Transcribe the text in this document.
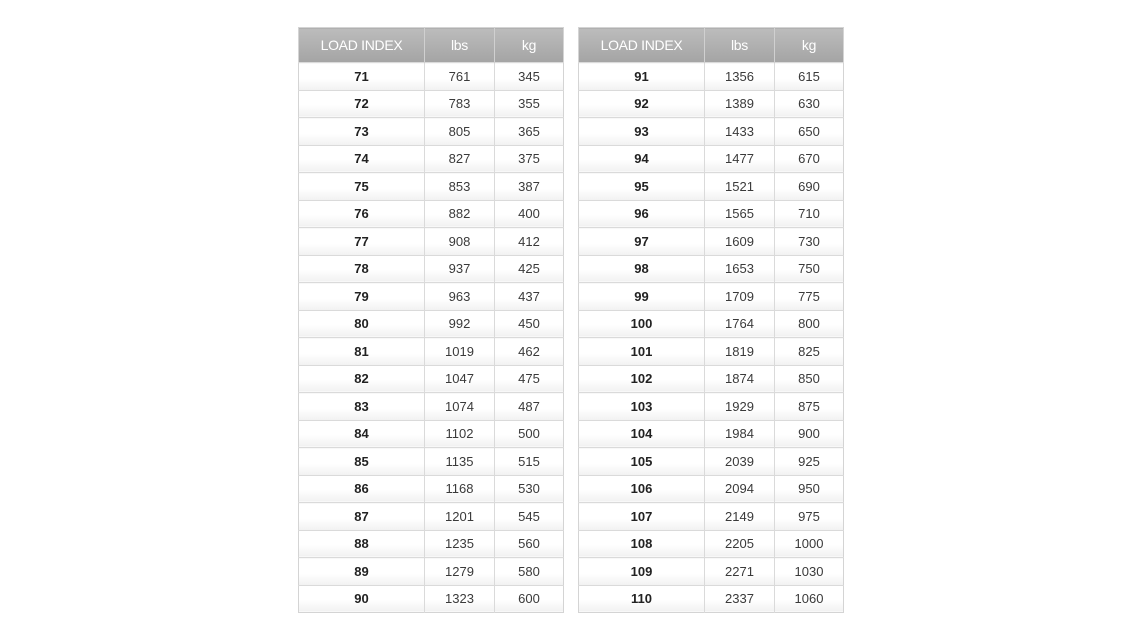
LOAD INDEX	lbs	kg
71	761	345
72	783	355
73	805	365
74	827	375
75	853	387
76	882	400
77	908	412
78	937	425
79	963	437
80	992	450
81	1019	462
82	1047	475
83	1074	487
84	1102	500
85	1135	515
86	1168	530
87	1201	545
88	1235	560
89	1279	580
90	1323	600
LOAD INDEX	lbs	kg
91	1356	615
92	1389	630
93	1433	650
94	1477	670
95	1521	690
96	1565	710
97	1609	730
98	1653	750
99	1709	775
100	1764	800
101	1819	825
102	1874	850
103	1929	875
104	1984	900
105	2039	925
106	2094	950
107	2149	975
108	2205	1000
109	2271	1030
110	2337	1060
